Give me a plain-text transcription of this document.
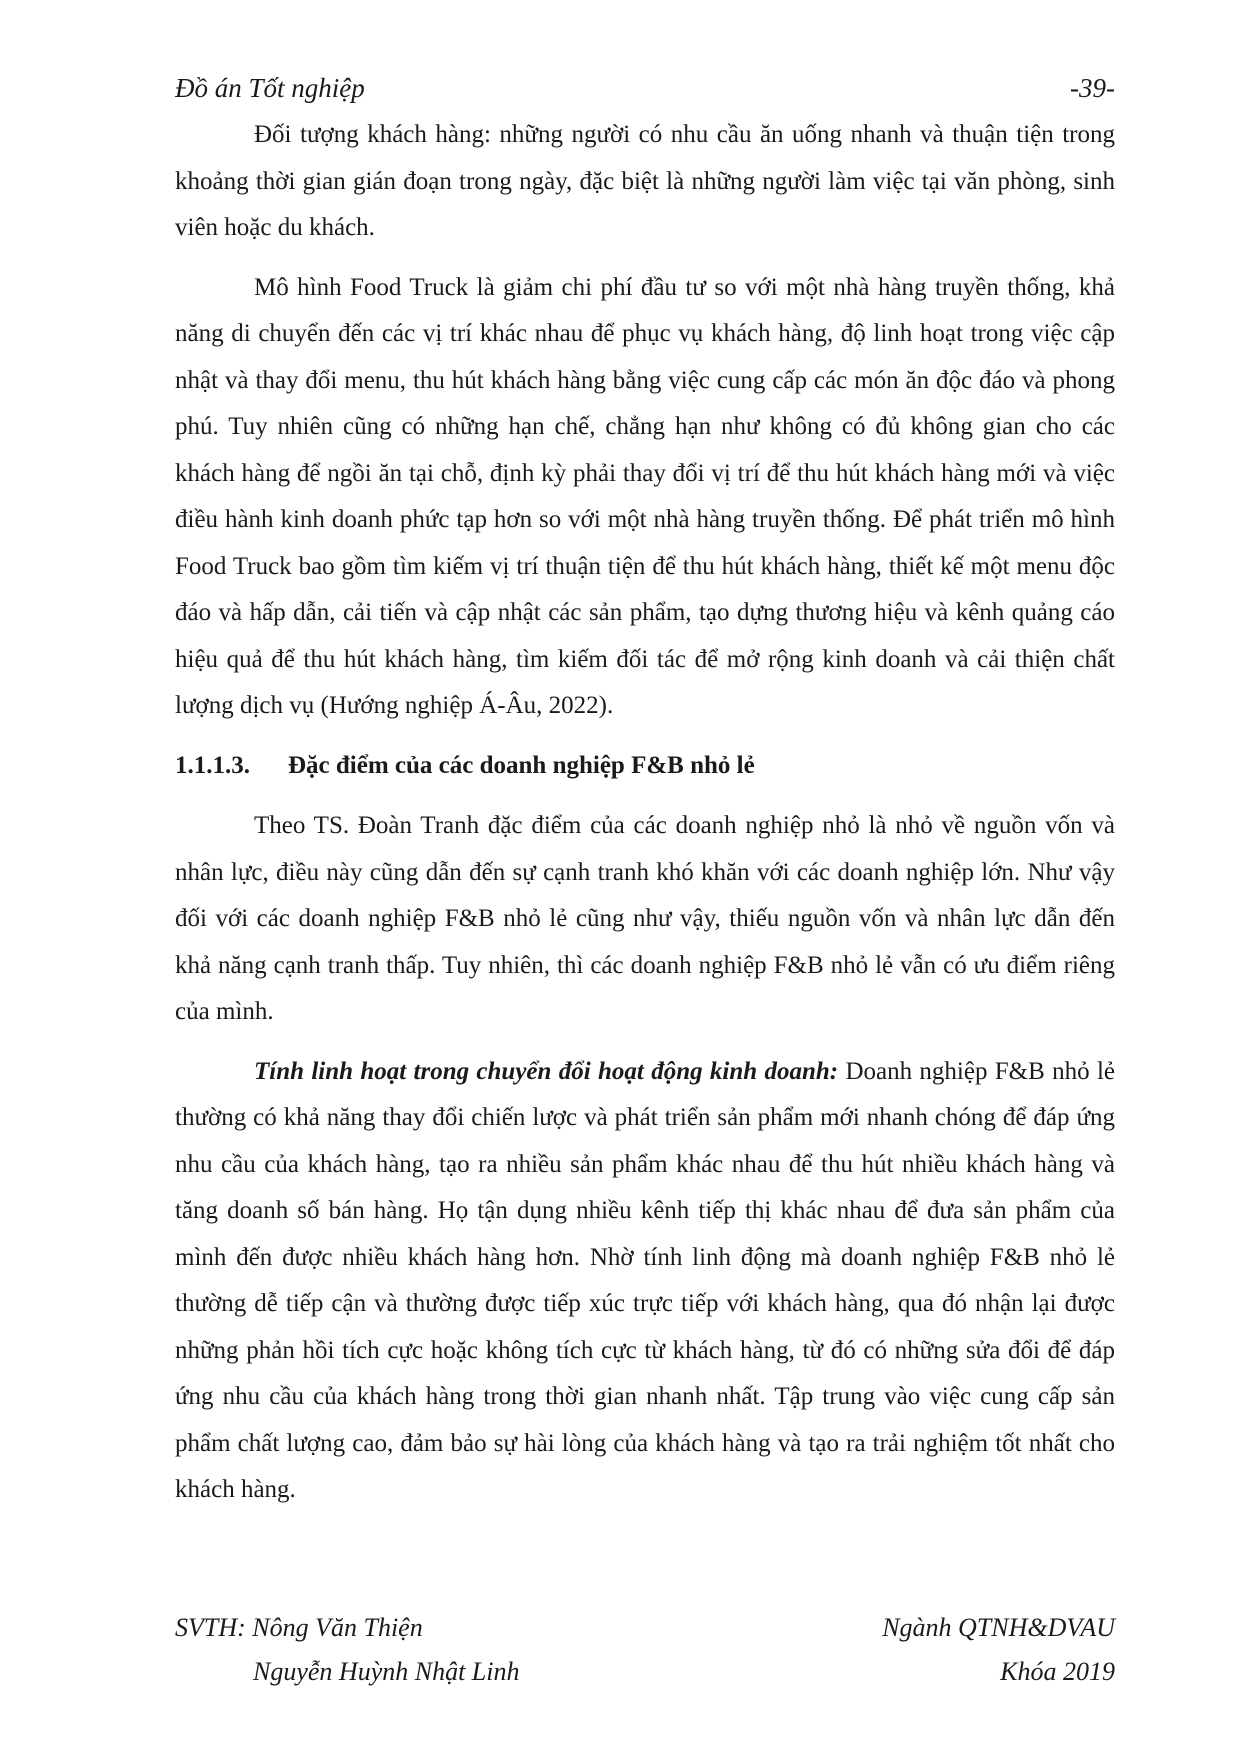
Đồ án Tốt nghiệp	-39-

Đối tượng khách hàng: những người có nhu cầu ăn uống nhanh và thuận tiện trong khoảng thời gian gián đoạn trong ngày, đặc biệt là những người làm việc tại văn phòng, sinh viên hoặc du khách.

Mô hình Food Truck là giảm chi phí đầu tư so với một nhà hàng truyền thống, khả năng di chuyển đến các vị trí khác nhau để phục vụ khách hàng, độ linh hoạt trong việc cập nhật và thay đổi menu, thu hút khách hàng bằng việc cung cấp các món ăn độc đáo và phong phú. Tuy nhiên cũng có những hạn chế, chẳng hạn như không có đủ không gian cho các khách hàng để ngồi ăn tại chỗ, định kỳ phải thay đổi vị trí để thu hút khách hàng mới và việc điều hành kinh doanh phức tạp hơn so với một nhà hàng truyền thống. Để phát triển mô hình Food Truck bao gồm tìm kiếm vị trí thuận tiện để thu hút khách hàng, thiết kế một menu độc đáo và hấp dẫn, cải tiến và cập nhật các sản phẩm, tạo dựng thương hiệu và kênh quảng cáo hiệu quả để thu hút khách hàng, tìm kiếm đối tác để mở rộng kinh doanh và cải thiện chất lượng dịch vụ (Hướng nghiệp Á-Âu, 2022).

1.1.1.3.	Đặc điểm của các doanh nghiệp F&B nhỏ lẻ

Theo TS. Đoàn Tranh đặc điểm của các doanh nghiệp nhỏ là nhỏ về nguồn vốn và nhân lực, điều này cũng dẫn đến sự cạnh tranh khó khăn với các doanh nghiệp lớn. Như vậy đối với các doanh nghiệp F&B nhỏ lẻ cũng như vậy, thiếu nguồn vốn và nhân lực dẫn đến khả năng cạnh tranh thấp. Tuy nhiên, thì các doanh nghiệp F&B nhỏ lẻ vẫn có ưu điểm riêng của mình.

Tính linh hoạt trong chuyển đổi hoạt động kinh doanh: Doanh nghiệp F&B nhỏ lẻ thường có khả năng thay đổi chiến lược và phát triển sản phẩm mới nhanh chóng để đáp ứng nhu cầu của khách hàng, tạo ra nhiều sản phẩm khác nhau để thu hút nhiều khách hàng và tăng doanh số bán hàng. Họ tận dụng nhiều kênh tiếp thị khác nhau để đưa sản phẩm của mình đến được nhiều khách hàng hơn. Nhờ tính linh động mà doanh nghiệp F&B nhỏ lẻ thường dễ tiếp cận và thường được tiếp xúc trực tiếp với khách hàng, qua đó nhận lại được những phản hồi tích cực hoặc không tích cực từ khách hàng, từ đó có những sửa đổi để đáp ứng nhu cầu của khách hàng trong thời gian nhanh nhất. Tập trung vào việc cung cấp sản phẩm chất lượng cao, đảm bảo sự hài lòng của khách hàng và tạo ra trải nghiệm tốt nhất cho khách hàng.

SVTH: Nông Văn Thiện	Ngành QTNH&DVAU
Nguyễn Huỳnh Nhật Linh	Khóa 2019
